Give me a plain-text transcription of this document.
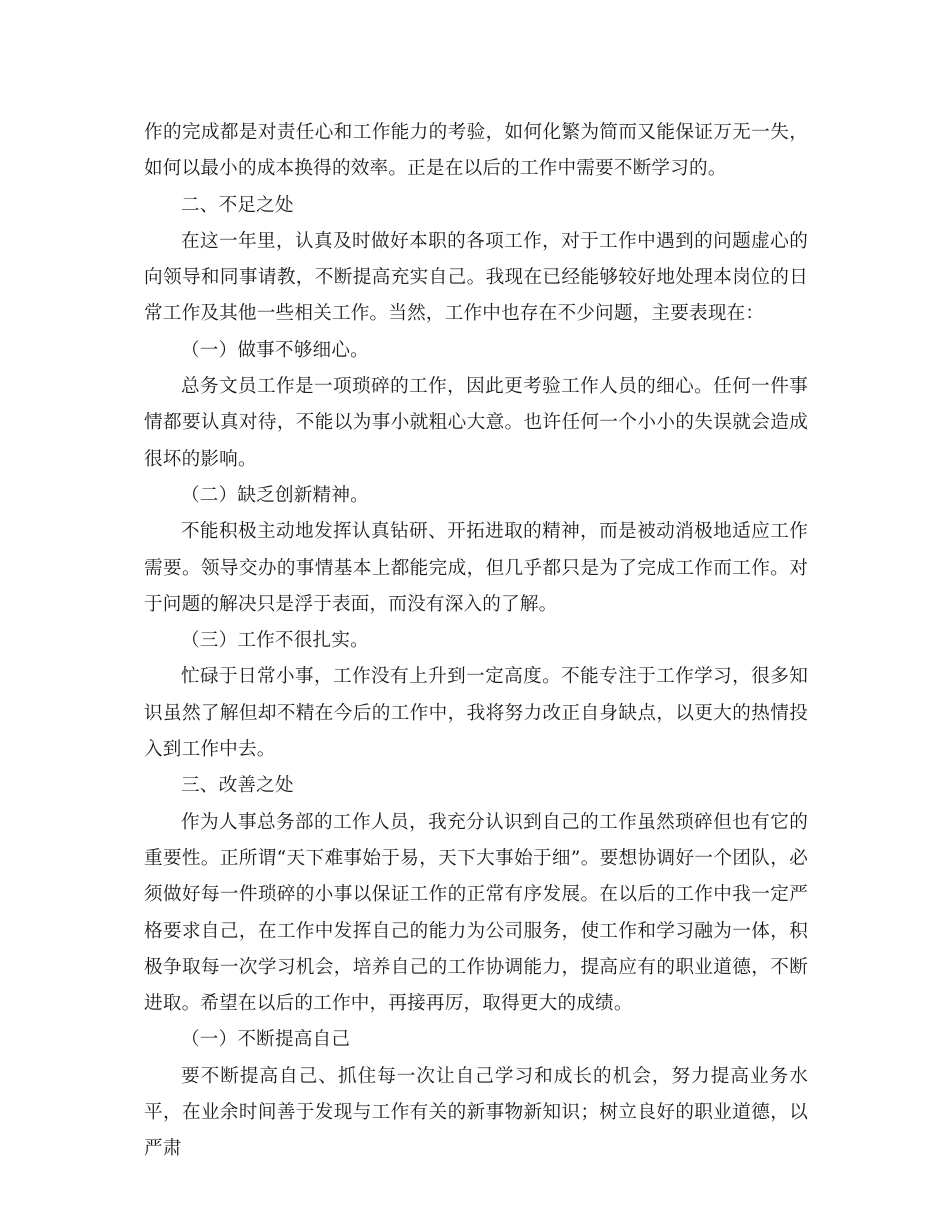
作的完成都是对责任心和工作能力的考验，如何化繁为简而又能保证万无一失，如何以最小的成本换得的效率。正是在以后的工作中需要不断学习的。

二、不足之处

在这一年里，认真及时做好本职的各项工作，对于工作中遇到的问题虚心的向领导和同事请教，不断提高充实自己。我现在已经能够较好地处理本岗位的日常工作及其他一些相关工作。当然，工作中也存在不少问题，主要表现在：

（一）做事不够细心。

总务文员工作是一项琐碎的工作，因此更考验工作人员的细心。任何一件事情都要认真对待，不能以为事小就粗心大意。也许任何一个小小的失误就会造成很坏的影响。

（二）缺乏创新精神。

不能积极主动地发挥认真钻研、开拓进取的精神，而是被动消极地适应工作需要。领导交办的事情基本上都能完成，但几乎都只是为了完成工作而工作。对于问题的解决只是浮于表面，而没有深入的了解。

（三）工作不很扎实。

忙碌于日常小事，工作没有上升到一定高度。不能专注于工作学习，很多知识虽然了解但却不精在今后的工作中，我将努力改正自身缺点，以更大的热情投入到工作中去。

三、改善之处

作为人事总务部的工作人员，我充分认识到自己的工作虽然琐碎但也有它的重要性。正所谓“天下难事始于易，天下大事始于细”。要想协调好一个团队，必须做好每一件琐碎的小事以保证工作的正常有序发展。在以后的工作中我一定严格要求自己，在工作中发挥自己的能力为公司服务，使工作和学习融为一体，积极争取每一次学习机会，培养自己的工作协调能力，提高应有的职业道德，不断进取。希望在以后的工作中，再接再厉，取得更大的成绩。

（一）不断提高自己

要不断提高自己、抓住每一次让自己学习和成长的机会，努力提高业务水平，在业余时间善于发现与工作有关的新事物新知识；树立良好的职业道德，以严肃
